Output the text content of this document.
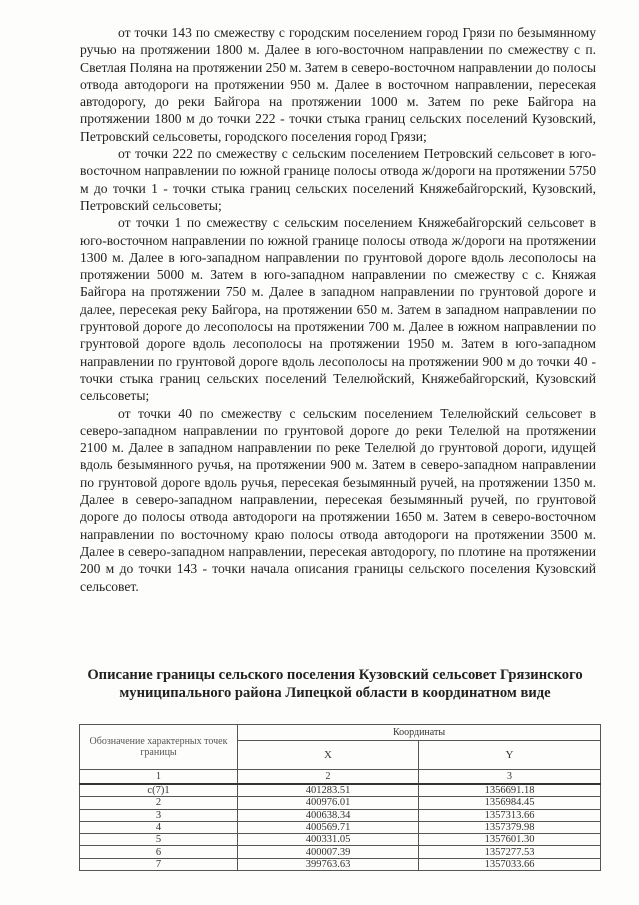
от точки 143 по смежеству с городским поселением город Грязи по безымянному ручью на протяжении 1800 м. Далее в юго-восточном направлении по смежеству с п. Светлая Поляна на протяжении 250 м. Затем в северо-восточном направлении до полосы отвода автодороги на протяжении 950 м. Далее в восточном направлении, пересекая автодорогу, до реки Байгора на протяжении 1000 м. Затем по реке Байгора на протяжении 1800 м до точки 222 - точки стыка границ сельских поселений Кузовский, Петровский сельсоветы, городского поселения город Грязи;

от точки 222 по смежеству с сельским поселением Петровский сельсовет в юго-восточном направлении по южной границе полосы отвода ж/дороги на протяжении 5750 м до точки 1 - точки стыка границ сельских поселений Княжебайгорский, Кузовский, Петровский сельсоветы;

от точки 1 по смежеству с сельским поселением Княжебайгорский сельсовет в юго-восточном направлении по южной границе полосы отвода ж/дороги на протяжении 1300 м. Далее в юго-западном направлении по грунтовой дороге вдоль лесополосы на протяжении 5000 м. Затем в юго-западном направлении по смежеству с с. Княжая Байгора на протяжении 750 м. Далее в западном направлении по грунтовой дороге и далее, пересекая реку Байгора, на протяжении 650 м. Затем в западном направлении по грунтовой дороге до лесополосы на протяжении 700 м. Далее в южном направлении по грунтовой дороге вдоль лесополосы на протяжении 1950 м. Затем в юго-западном направлении по грунтовой дороге вдоль лесополосы на протяжении 900 м до точки 40 - точки стыка границ сельских поселений Телелюйский, Княжебайгорский, Кузовский сельсоветы;

от точки 40 по смежеству с сельским поселением Телелюйский сельсовет в северо-западном направлении по грунтовой дороге до реки Телелюй на протяжении 2100 м. Далее в западном направлении по реке Телелюй до грунтовой дороги, идущей вдоль безымянного ручья, на протяжении 900 м. Затем в северо-западном направлении по грунтовой дороге вдоль ручья, пересекая безымянный ручей, на протяжении 1350 м. Далее в северо-западном направлении, пересекая безымянный ручей, по грунтовой дороге до полосы отвода автодороги на протяжении 1650 м. Затем в северо-восточном направлении по восточному краю полосы отвода автодороги на протяжении 3500 м. Далее в северо-западном направлении, пересекая автодорогу, по плотине на протяжении 200 м до точки 143 - точки начала описания границы сельского поселения Кузовский сельсовет.

Описание границы сельского поселения Кузовский сельсовет Грязинского муниципального района Липецкой области в координатном виде
Обозначение характерных точек границы	Координаты	
	X	Y
1	2	3
с(7)1	401283.51	1356691.18
2	400976.01	1356984.45
3	400638.34	1357313.66
4	400569.71	1357379.98
5	400331.05	1357601.30
6	400007.39	1357277.53
7	399763.63	1357033.66
